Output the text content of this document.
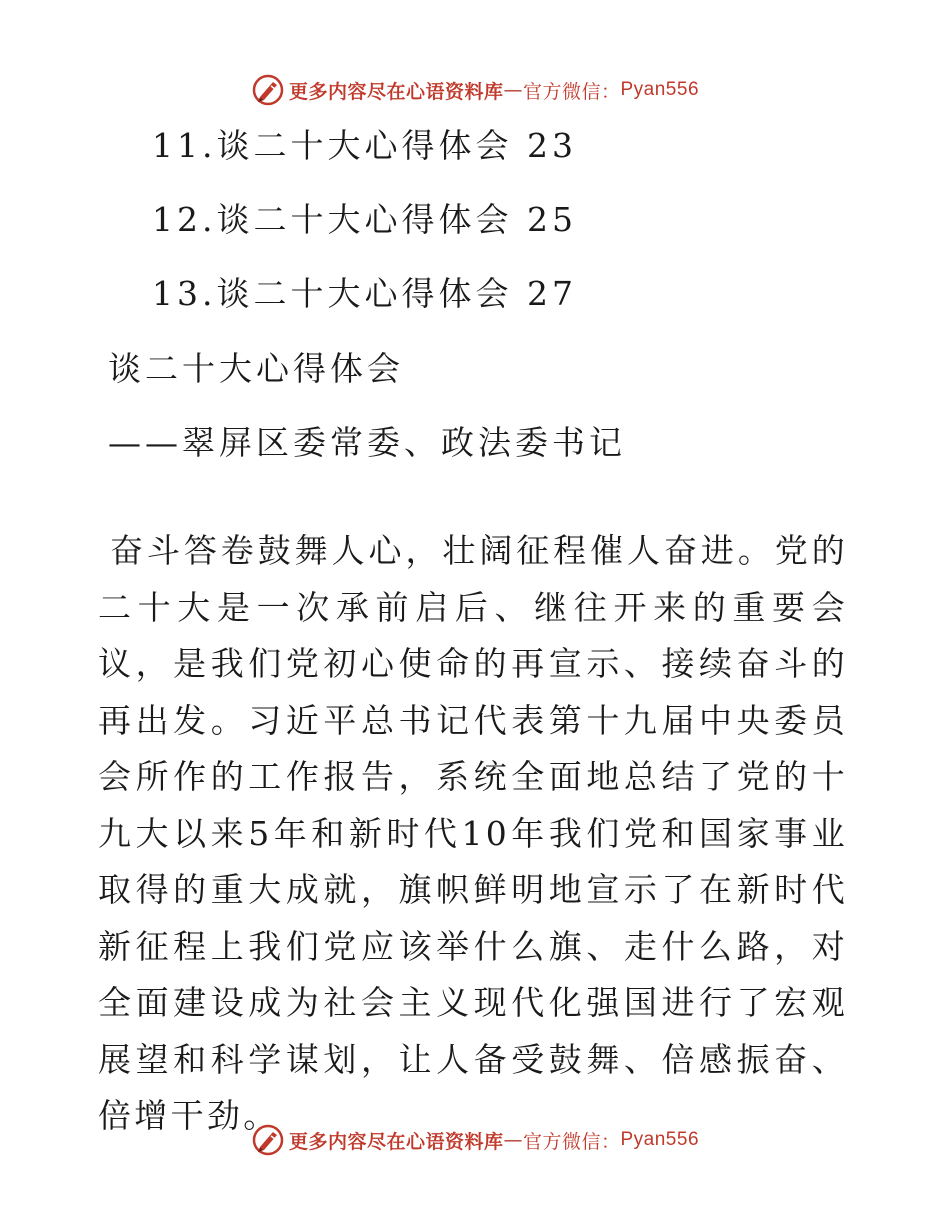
更多内容尽在心语资料库 — 官方微信： Pyan556
11.谈二十大心得体会 23
12.谈二十大心得体会 25
13.谈二十大心得体会 27
谈二十大心得体会
——翠屏区委常委、政法委书记

奋斗答卷鼓舞人心，壮阔征程催人奋进。党的二十大是一次承前启后、继往开来的重要会议，是我们党初心使命的再宣示、接续奋斗的再出发。习近平总书记代表第十九届中央委员会所作的工作报告，系统全面地总结了党的十九大以来5年和新时代10年我们党和国家事业取得的重大成就，旗帜鲜明地宣示了在新时代新征程上我们党应该举什么旗、走什么路，对全面建设成为社会主义现代化强国进行了宏观展望和科学谋划，让人备受鼓舞、倍感振奋、倍增干劲。

更多内容尽在心语资料库 — 官方微信： Pyan556
